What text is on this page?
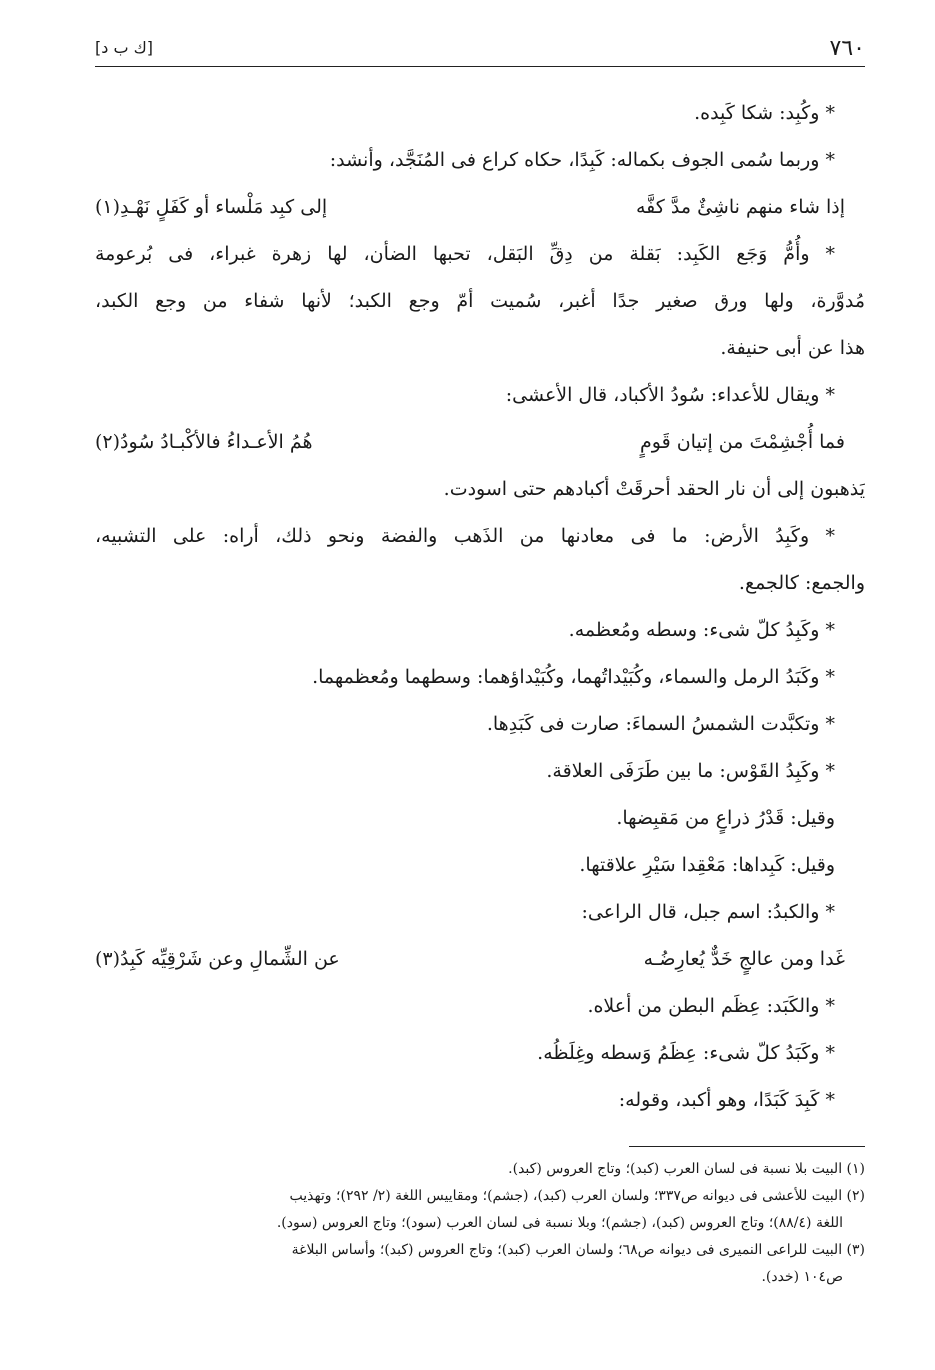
٧٦٠
[ك ب د]
* وكُبِد: شكا كَبِده.
* وربما سُمى الجوف بكماله: كَبِدًا، حكاه كراع فى المُنَجَّد، وأنشد:
إذا شاء منهم ناشِئٌ مدَّ كفَّه
إلى كبِد مَلْساء أو كَفَلٍ نَهْـدِ(١)
* وأُمُّ وَجَع الكَبِد: بَقلة من دِقِّ البَقل، تحبها الضأن، لها زهرة غبراء، فى بُرعومة
مُدوَّرة، ولها ورق صغير جدًا أغبر، سُميت أمّ وجع الكبد؛ لأنها شفاء من وجع الكبد،
هذا عن أبى حنيفة.
* ويقال للأعداء: سُودُ الأكباد، قال الأعشى:
فما أُجْشِمْتَ من إتيان قَومٍ
هُمُ الأعـداءُ فالأكْبـادُ سُودُ(٢)
يَذهبون إلى أن نار الحقد أحرقَتْ أكبادهم حتى اسودت.
* وكَبِدُ الأرض: ما فى معادنها من الذَهب والفضة ونحو ذلك، أراه: على التشبيه،
والجمع: كالجمع.
* وكَبِدُ كلّ شىء: وسطه ومُعظمه.
* وكَبَدُ الرمل والسماء، وكُبَيْداتُهما، وكُبَيْداؤهما: وسطهما ومُعظمهما.
* وتكبَّدت الشمسُ السماءَ: صارت فى كَبَدِها.
* وكَبِدُ القَوْس: ما بين طَرَفَى العلاقة.
وقيل: قَدْرُ ذراعٍ من مَقبِضها.
وقيل: كَبِداها: مَعْقِدا سَيْرِ علاقتها.
* والكبدُ: اسم جبل، قال الراعى:
غَدا ومن عالجٍ خَدٌّ يُعارِضُـه
عن الشِّمالِ وعن شَرْقِيِّه كَبِدُ(٣)
* والكَبَد: عِظَم البطن من أعلاه.
* وكَبَدُ كلّ شىء: عِظَمُ وَسطه وغِلَظُه.
* كَبِدَ كَبَدًا، وهو أكبد، وقوله:
(١) البيت بلا نسبة فى لسان العرب (كبد)؛ وتاج العروس (كبد).
(٢) البيت للأعشى فى ديوانه ص٣٣٧؛ ولسان العرب (كبد)، (جشم)؛ ومقاييس اللغة (٢/ ٢٩٢)؛ وتهذيب
اللغة (٨٨/٤)؛ وتاج العروس (كبد)، (جشم)؛ وبلا نسبة فى لسان العرب (سود)؛ وتاج العروس (سود).
(٣) البيت للراعى النميرى فى ديوانه ص٦٨؛ ولسان العرب (كبد)؛ وتاج العروس (كبد)؛ وأساس البلاغة
ص١٠٤ (خدد).
